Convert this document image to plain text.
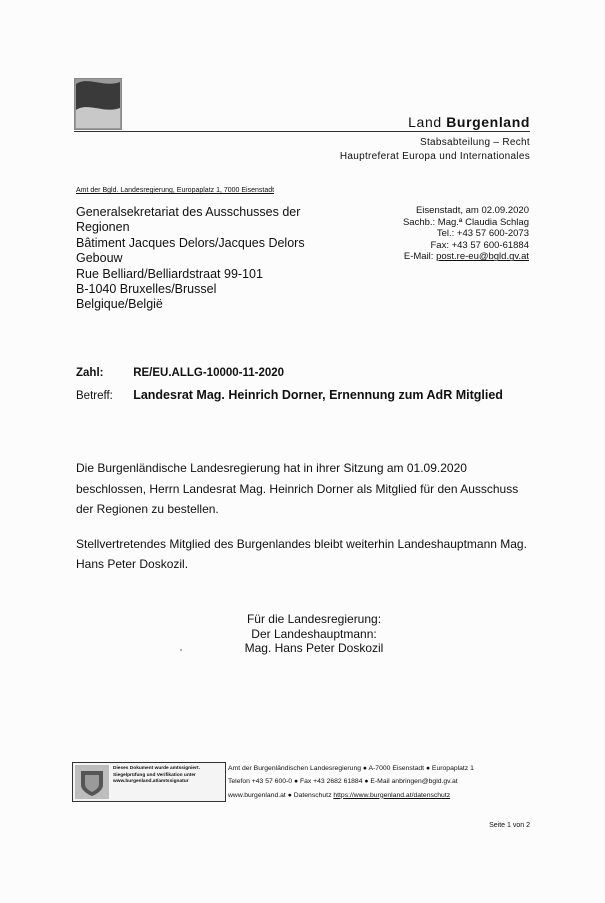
Land Burgenland
Stabsabteilung – Recht
Hauptreferat Europa und Internationales
Amt der Bgld. Landesregierung, Europaplatz 1, 7000 Eisenstadt
Generalsekretariat des Ausschusses der
Regionen
Bâtiment Jacques Delors/Jacques Delors
Gebouw
Rue Belliard/Belliardstraat 99-101
B-1040 Bruxelles/Brussel
Belgique/België
Eisenstadt, am 02.09.2020
Sachb.: Mag.ª Claudia Schlag
Tel.: +43 57 600-2073
Fax: +43 57 600-61884
E-Mail: post.re-eu@bgld.gv.at
Zahl:	RE/EU.ALLG-10000-11-2020
Betreff: Landesrat Mag. Heinrich Dorner, Ernennung zum AdR Mitglied

Die Burgenländische Landesregierung hat in ihrer Sitzung am 01.09.2020 beschlossen, Herrn Landesrat Mag. Heinrich Dorner als Mitglied für den Ausschuss der Regionen zu bestellen.

Stellvertretendes Mitglied des Burgenlandes bleibt weiterhin Landeshauptmann Mag. Hans Peter Doskozil.

Für die Landesregierung:
Der Landeshauptmann:
Mag. Hans Peter Doskozil
Dieses Dokument wurde amtssigniert.
Siegelprüfung und Verifikation unter
www.burgenland.at/amtssignatur
Amt der Burgenländischen Landesregierung ● A-7000 Eisenstadt ● Europaplatz 1
Telefon +43 57 600-0 ● Fax +43 2682 61884 ● E-Mail anbringen@bgld.gv.at
www.burgenland.at ● Datenschutz https://www.burgenland.at/datenschutz
Seite 1 von 2
